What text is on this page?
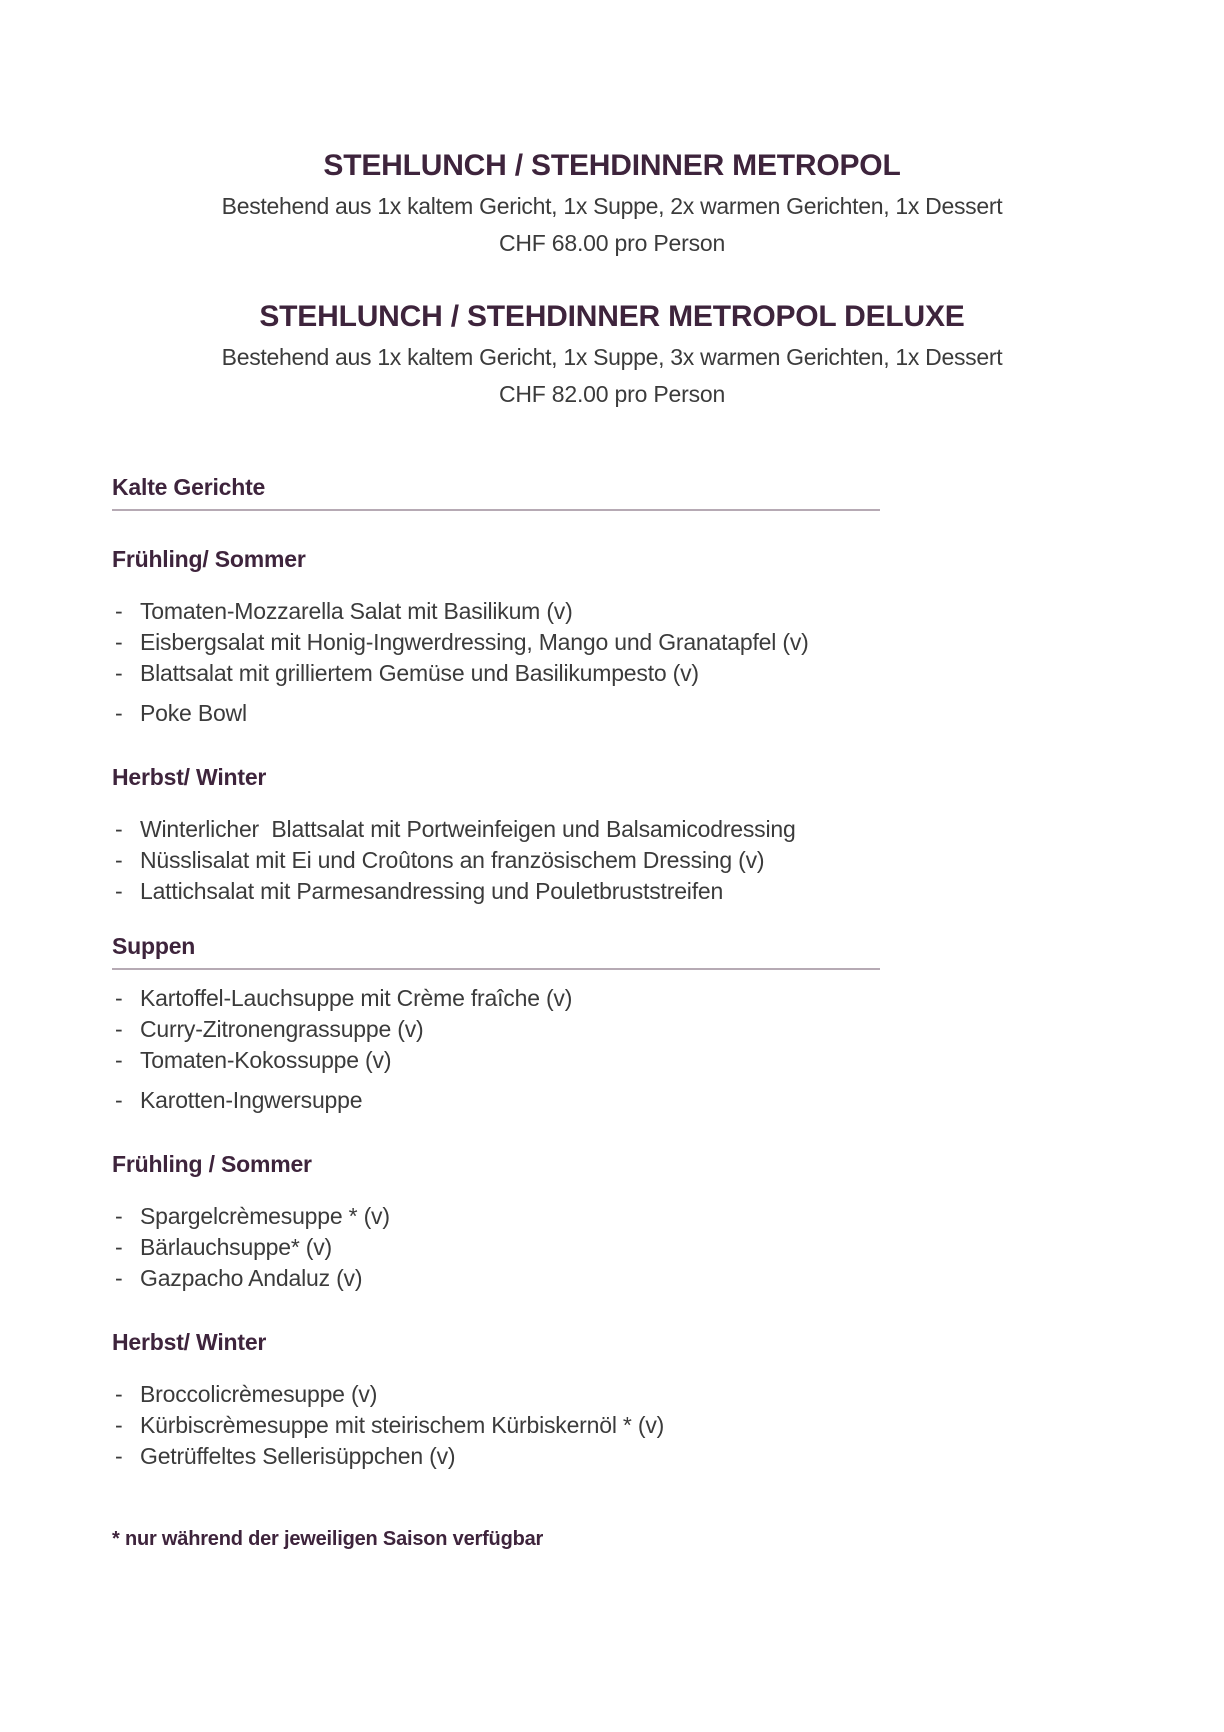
STEHLUNCH / STEHDINNER METROPOL

Bestehend aus 1x kaltem Gericht, 1x Suppe, 2x warmen Gerichten, 1x Dessert

CHF 68.00 pro Person

STEHLUNCH / STEHDINNER METROPOL DELUXE

Bestehend aus 1x kaltem Gericht, 1x Suppe, 3x warmen Gerichten, 1x Dessert

CHF 82.00 pro Person

Kalte Gerichte
Frühling/ Sommer
- Tomaten-Mozzarella Salat mit Basilikum (v)
- Eisbergsalat mit Honig-Ingwerdressing, Mango und Granatapfel (v)
- Blattsalat mit grilliertem Gemüse und Basilikumpesto (v)
- Poke Bowl
Herbst/ Winter
- Winterlicher  Blattsalat mit Portweinfeigen und Balsamicodressing
- Nüsslisalat mit Ei und Croûtons an französischem Dressing (v)
- Lattichsalat mit Parmesandressing und Pouletbruststreifen
Suppen
- Kartoffel-Lauchsuppe mit Crème fraîche (v)
- Curry-Zitronengrassuppe (v)
- Tomaten-Kokossuppe (v)
- Karotten-Ingwersuppe
Frühling / Sommer
- Spargelcrèmesuppe * (v)
- Bärlauchsuppe* (v)
- Gazpacho Andaluz (v)
Herbst/ Winter
- Broccolicrèmesuppe (v)
- Kürbiscrèmesuppe mit steirischem Kürbiskernöl * (v)
- Getrüffeltes Sellerisüppchen (v)

* nur während der jeweiligen Saison verfügbar
